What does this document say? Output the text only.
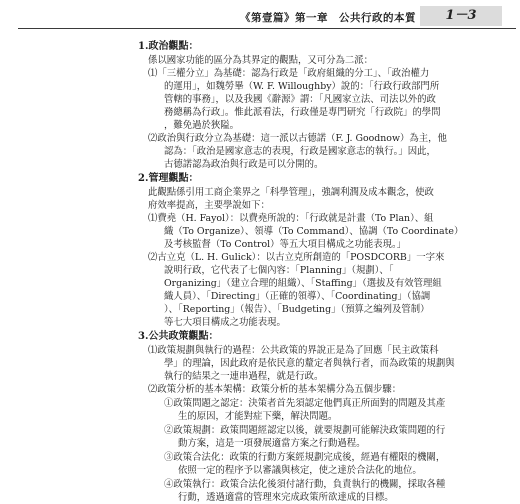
《第壹篇》第一章　公共行政的本質	1－3
1.政治觀點：
係以國家功能的區分為其界定的觀點，又可分為二派：
⑴「三權分立」為基礎：認為行政是「政府組織的分工」、「政治權力
的運用」，如魏勞畢（W. F. Willoughby）說的：「行政行政部門所
管轄的事務」，以及我國《辭源》謂：「凡國家立法、司法以外的政
務總稱為行政」。惟此派看法，行政僅是專門研究「行政院」的學問
，難免過於狹隘。
⑵政治與行政分立為基礎：這一派以古德諾（F. J. Goodnow）為主，他
認為：「政治是國家意志的表現，行政是國家意志的執行。」因此，
古德諾認為政治與行政是可以分開的。
2.管理觀點：
此觀點係引用工商企業界之「科學管理」，強調利潤及成本觀念，使政
府效率提高，主要學說如下：
⑴費堯（H. Fayol）：以費堯所說的：「行政就是計畫（To Plan）、組
織（To Organize）、領導（To Command）、協調（To Coordinate）
及考核監督（To Control）等五大項目構成之功能表現。」
⑵古立克（L. H. Gulick）：以古立克所創造的「POSDCORB」一字來
說明行政，它代表了七個內容：「Planning」（規劃）、「
Organizing」（建立合理的組織）、「Staffing」（選拔及有效管理組
織人員）、「Directing」（正確的領導）、「Coordinating」（協調
）、「Reporting」（報告）、「Budgeting」（預算之編列及管制）
等七大項目構成之功能表現。
3.公共政策觀點：
⑴政策規劃與執行的過程：公共政策的界說正是為了回應「民主政策科
學」的理論，因此政府是依民意的釐定者與執行者，而為政策的規劃與
執行的結果之一連串過程，就是行政。
⑵政策分析的基本架構：政策分析的基本架構分為五個步驟：
①政策問題之認定：決策者首先須認定他們真正所面對的問題及其產
生的原因，才能對症下藥，解決問題。
②政策規劃：政策問題經認定以後，就要規劃可能解決政策問題的行
動方案，這是一項發展適當方案之行動過程。
③政策合法化：政策的行動方案經規劃完成後，經過有權限的機關，
依照一定的程序予以審議與核定，使之達於合法化的地位。
④政策執行：政策合法化後須付諸行動，負責執行的機關，採取各種
行動，透過適當的管理來完成政策所欲達成的目標。
